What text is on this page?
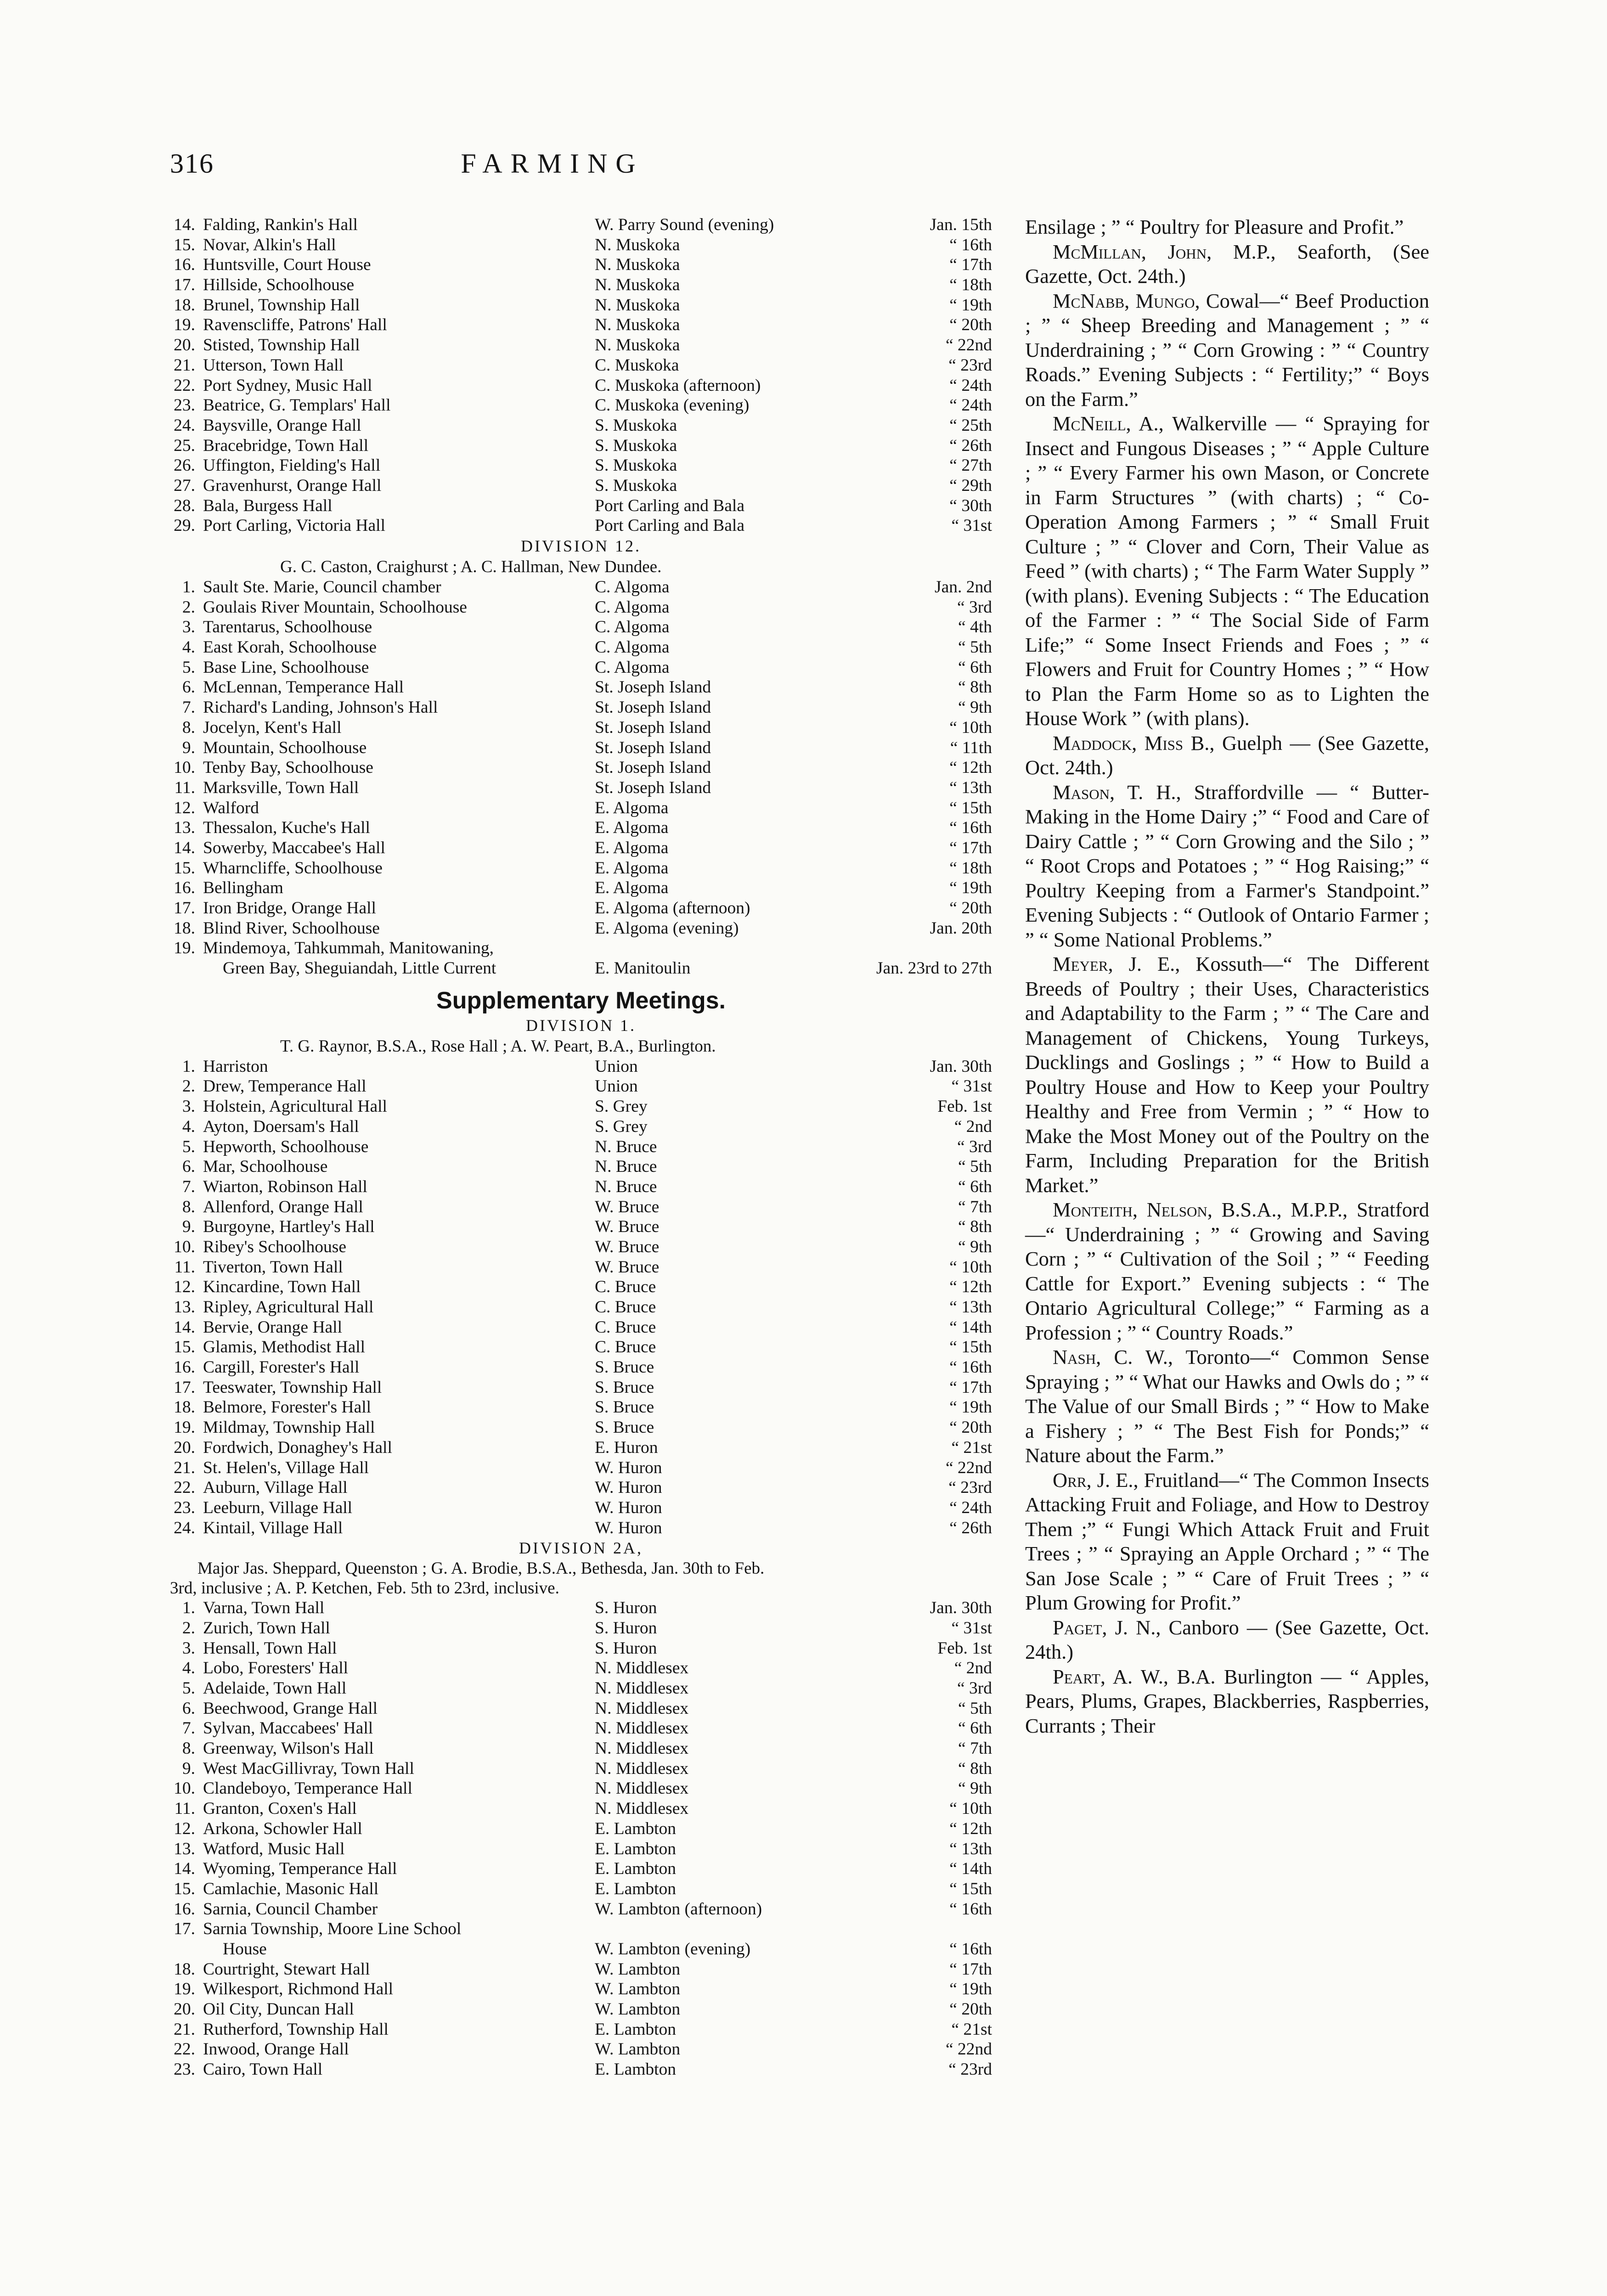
316	FARMING
14. Falding, Rankin's Hall	W. Parry Sound (evening)	Jan. 15th
15. Novar, Alkin's Hall	N. Muskoka	“ 16th
16. Huntsville, Court House	N. Muskoka	“ 17th
17. Hillside, Schoolhouse	N. Muskoka	“ 18th
18. Brunel, Township Hall	N. Muskoka	“ 19th
19. Ravenscliffe, Patrons' Hall	N. Muskoka	“ 20th
20. Stisted, Township Hall	N. Muskoka	“ 22nd
21. Utterson, Town Hall	C. Muskoka	“ 23rd
22. Port Sydney, Music Hall	C. Muskoka (afternoon)	“ 24th
23. Beatrice, G. Templars' Hall	C. Muskoka (evening)	“ 24th
24. Baysville, Orange Hall	S. Muskoka	“ 25th
25. Bracebridge, Town Hall	S. Muskoka	“ 26th
26. Uffington, Fielding's Hall	S. Muskoka	“ 27th
27. Gravenhurst, Orange Hall	S. Muskoka	“ 29th
28. Bala, Burgess Hall	Port Carling and Bala	“ 30th
29. Port Carling, Victoria Hall	Port Carling and Bala	“ 31st
DIVISION 12.
G. C. Caston, Craighurst ; A. C. Hallman, New Dundee.
1. Sault Ste. Marie, Council chamber	C. Algoma	Jan. 2nd
2. Goulais River Mountain, Schoolhouse	C. Algoma	“ 3rd
3. Tarentarus, Schoolhouse	C. Algoma	“ 4th
4. East Korah, Schoolhouse	C. Algoma	“ 5th
5. Base Line, Schoolhouse	C. Algoma	“ 6th
6. McLennan, Temperance Hall	St. Joseph Island	“ 8th
7. Richard's Landing, Johnson's Hall	St. Joseph Island	“ 9th
8. Jocelyn, Kent's Hall	St. Joseph Island	“ 10th
9. Mountain, Schoolhouse	St. Joseph Island	“ 11th
10. Tenby Bay, Schoolhouse	St. Joseph Island	“ 12th
11. Marksville, Town Hall	St. Joseph Island	“ 13th
12. Walford	E. Algoma	“ 15th
13. Thessalon, Kuche's Hall	E. Algoma	“ 16th
14. Sowerby, Maccabee's Hall	E. Algoma	“ 17th
15. Wharncliffe, Schoolhouse	E. Algoma	“ 18th
16. Bellingham	E. Algoma	“ 19th
17. Iron Bridge, Orange Hall	E. Algoma (afternoon)	“ 20th
18. Blind River, Schoolhouse	E. Algoma (evening)	Jan. 20th
19. Mindemoya, Tahkummah, Manitowaning,
Green Bay, Sheguiandah, Little Current	E. Manitoulin	Jan. 23rd to 27th
Supplementary Meetings.
DIVISION 1.
T. G. Raynor, B.S.A., Rose Hall ; A. W. Peart, B.A., Burlington.
1. Harriston	Union	Jan. 30th
2. Drew, Temperance Hall	Union	“ 31st
3. Holstein, Agricultural Hall	S. Grey	Feb. 1st
4. Ayton, Doersam's Hall	S. Grey	“ 2nd
5. Hepworth, Schoolhouse	N. Bruce	“ 3rd
6. Mar, Schoolhouse	N. Bruce	“ 5th
7. Wiarton, Robinson Hall	N. Bruce	“ 6th
8. Allenford, Orange Hall	W. Bruce	“ 7th
9. Burgoyne, Hartley's Hall	W. Bruce	“ 8th
10. Ribey's Schoolhouse	W. Bruce	“ 9th
11. Tiverton, Town Hall	W. Bruce	“ 10th
12. Kincardine, Town Hall	C. Bruce	“ 12th
13. Ripley, Agricultural Hall	C. Bruce	“ 13th
14. Bervie, Orange Hall	C. Bruce	“ 14th
15. Glamis, Methodist Hall	C. Bruce	“ 15th
16. Cargill, Forester's Hall	S. Bruce	“ 16th
17. Teeswater, Township Hall	S. Bruce	“ 17th
18. Belmore, Forester's Hall	S. Bruce	“ 19th
19. Mildmay, Township Hall	S. Bruce	“ 20th
20. Fordwich, Donaghey's Hall	E. Huron	“ 21st
21. St. Helen's, Village Hall	W. Huron	“ 22nd
22. Auburn, Village Hall	W. Huron	“ 23rd
23. Leeburn, Village Hall	W. Huron	“ 24th
24. Kintail, Village Hall	W. Huron	“ 26th
DIVISION 2A,
Major Jas. Sheppard, Queenston ; G. A. Brodie, B.S.A., Bethesda, Jan. 30th to Feb.
3rd, inclusive ; A. P. Ketchen, Feb. 5th to 23rd, inclusive.
1. Varna, Town Hall	S. Huron	Jan. 30th
2. Zurich, Town Hall	S. Huron	“ 31st
3. Hensall, Town Hall	S. Huron	Feb. 1st
4. Lobo, Foresters' Hall	N. Middlesex	“ 2nd
5. Adelaide, Town Hall	N. Middlesex	“ 3rd
6. Beechwood, Grange Hall	N. Middlesex	“ 5th
7. Sylvan, Maccabees' Hall	N. Middlesex	“ 6th
8. Greenway, Wilson's Hall	N. Middlesex	“ 7th
9. West MacGillivray, Town Hall	N. Middlesex	“ 8th
10. Clandeboyo, Temperance Hall	N. Middlesex	“ 9th
11. Granton, Coxen's Hall	N. Middlesex	“ 10th
12. Arkona, Schowler Hall	E. Lambton	“ 12th
13. Watford, Music Hall	E. Lambton	“ 13th
14. Wyoming, Temperance Hall	E. Lambton	“ 14th
15. Camlachie, Masonic Hall	E. Lambton	“ 15th
16. Sarnia, Council Chamber	W. Lambton (afternoon)	“ 16th
17. Sarnia Township, Moore Line School
House	W. Lambton (evening)	“ 16th
18. Courtright, Stewart Hall	W. Lambton	“ 17th
19. Wilkesport, Richmond Hall	W. Lambton	“ 19th
20. Oil City, Duncan Hall	W. Lambton	“ 20th
21. Rutherford, Township Hall	E. Lambton	“ 21st
22. Inwood, Orange Hall	W. Lambton	“ 22nd
23. Cairo, Town Hall	E. Lambton	“ 23rd

Ensilage ; ” “ Poultry for Pleasure and Profit.”

McMillan, John, M.P., Seaforth, (See Gazette, Oct. 24th.)

McNabb, Mungo, Cowal—“ Beef Production ; ” “ Sheep Breeding and Management ; ” “ Underdraining ; ” “ Corn Growing : ” “ Country Roads.” Evening Subjects : “ Fertility;” “ Boys on the Farm.”

McNeill, A., Walkerville — “ Spraying for Insect and Fungous Diseases ; ” “ Apple Culture ; ” “ Every Farmer his own Mason, or Concrete in Farm Structures ” (with charts) ; “ Co-Operation Among Farmers ; ” “ Small Fruit Culture ; ” “ Clover and Corn, Their Value as Feed ” (with charts) ; “ The Farm Water Supply ” (with plans). Evening Subjects : “ The Education of the Farmer : ” “ The Social Side of Farm Life;” “ Some Insect Friends and Foes ; ” “ Flowers and Fruit for Country Homes ; ” “ How to Plan the Farm Home so as to Lighten the House Work ” (with plans).

Maddock, Miss B., Guelph — (See Gazette, Oct. 24th.)

Mason, T. H., Straffordville — “ Butter-Making in the Home Dairy ;” “ Food and Care of Dairy Cattle ; ” “ Corn Growing and the Silo ; ” “ Root Crops and Potatoes ; ” “ Hog Raising;” “ Poultry Keeping from a Farmer's Standpoint.” Evening Subjects : “ Outlook of Ontario Farmer ; ” “ Some National Problems.”

Meyer, J. E., Kossuth—“ The Different Breeds of Poultry ; their Uses, Characteristics and Adaptability to the Farm ; ” “ The Care and Management of Chickens, Young Turkeys, Ducklings and Goslings ; ” “ How to Build a Poultry House and How to Keep your Poultry Healthy and Free from Vermin ; ” “ How to Make the Most Money out of the Poultry on the Farm, Including Preparation for the British Market.”

Monteith, Nelson, B.S.A., M.P.P., Stratford—“ Underdraining ; ” “ Growing and Saving Corn ; ” “ Cultivation of the Soil ; ” “ Feeding Cattle for Export.” Evening subjects : “ The Ontario Agricultural College;” “ Farming as a Profession ; ” “ Country Roads.”

Nash, C. W., Toronto—“ Common Sense Spraying ; ” “ What our Hawks and Owls do ; ” “ The Value of our Small Birds ; ” “ How to Make a Fishery ; ” “ The Best Fish for Ponds;” “ Nature about the Farm.”

Orr, J. E., Fruitland—“ The Common Insects Attacking Fruit and Foliage, and How to Destroy Them ;” “ Fungi Which Attack Fruit and Fruit Trees ; ” “ Spraying an Apple Orchard ; ” “ The San Jose Scale ; ” “ Care of Fruit Trees ; ” “ Plum Growing for Profit.”

Paget, J. N., Canboro — (See Gazette, Oct. 24th.)

Peart, A. W., B.A. Burlington — “ Apples, Pears, Plums, Grapes, Blackberries, Raspberries, Currants ; Their
